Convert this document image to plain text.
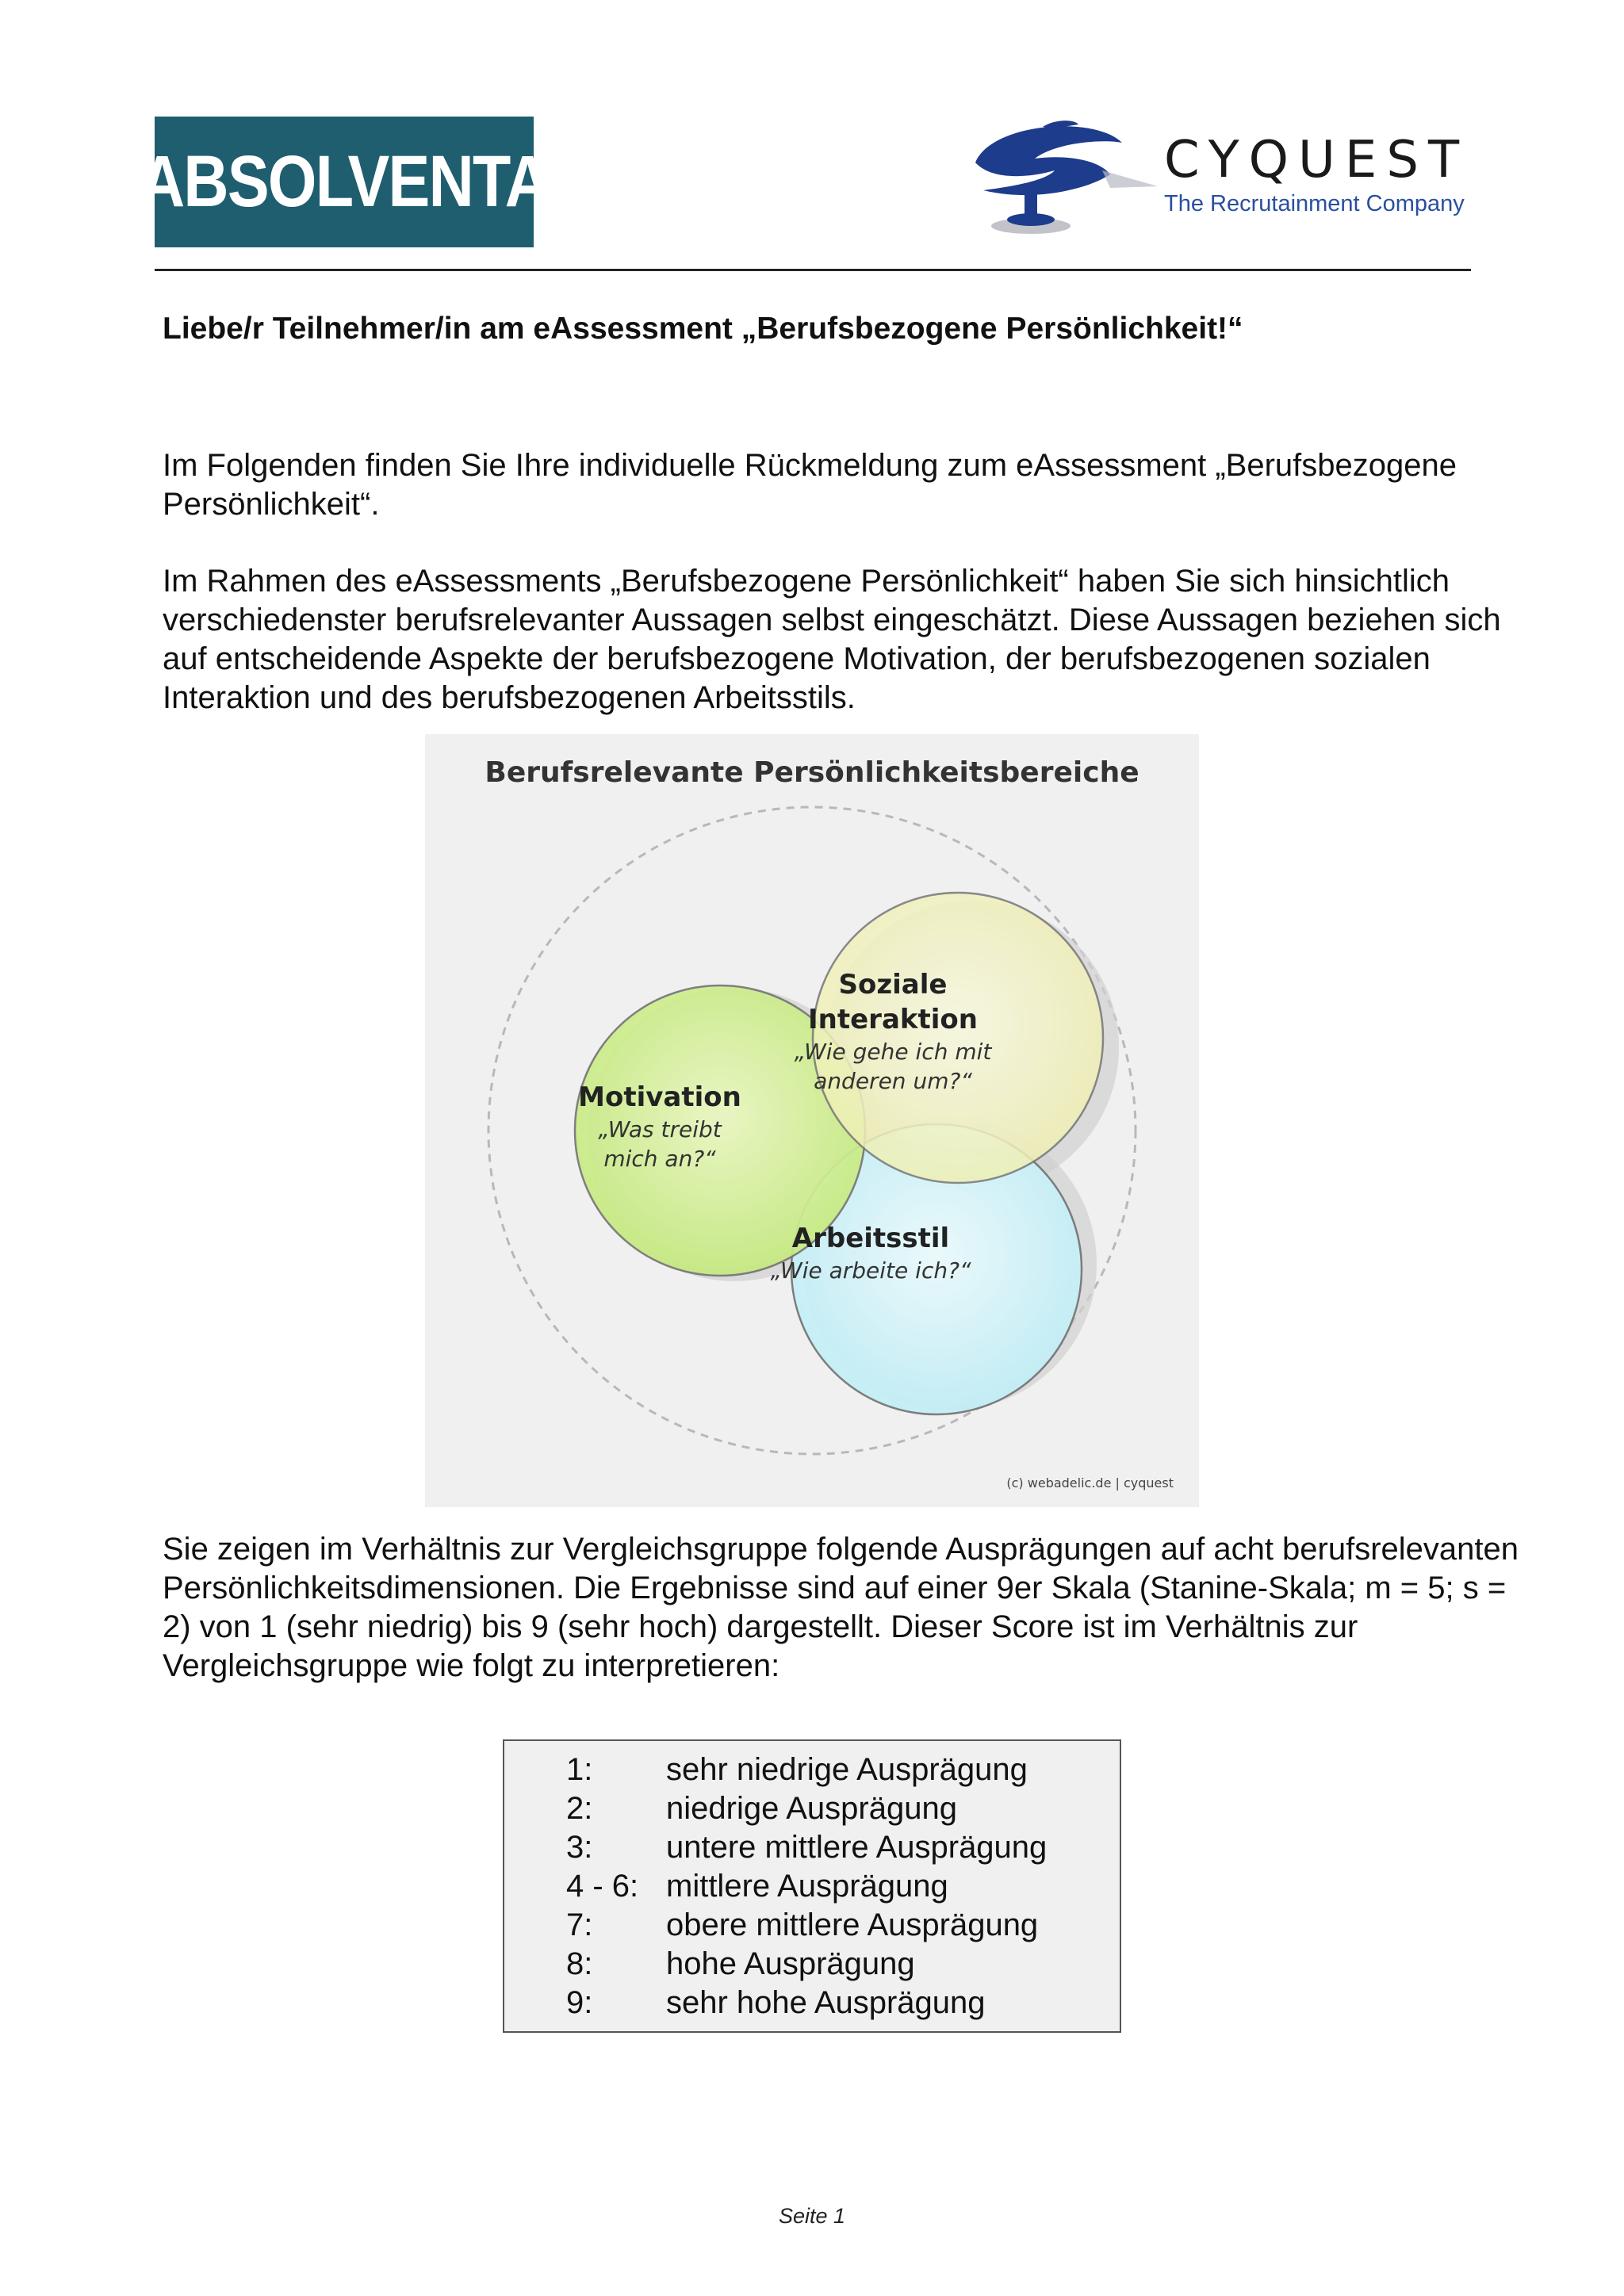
ABSOLVENTA	CYQUEST
The Recrutainment Company
Liebe/r Teilnehmer/in am eAssessment „Berufsbezogene Persönlichkeit!“
Im Folgenden finden Sie Ihre individuelle Rückmeldung zum eAssessment „Berufsbezogene Persönlichkeit“.
Im Rahmen des eAssessments „Berufsbezogene Persönlichkeit“ haben Sie sich hinsichtlich verschiedenster berufsrelevanter Aussagen selbst eingeschätzt. Diese Aussagen beziehen sich auf entscheidende Aspekte der berufsbezogene Motivation, der berufsbezogenen sozialen Interaktion und des berufsbezogenen Arbeitsstils.
Berufsrelevante Persönlichkeitsbereiche
Motivation
„Was treibt
mich an?“
Soziale
Interaktion
„Wie gehe ich mit
anderen um?“
Arbeitsstil
„Wie arbeite ich?“
(c) webadelic.de | cyquest
Sie zeigen im Verhältnis zur Vergleichsgruppe folgende Ausprägungen auf acht berufsrelevanten Persönlichkeitsdimensionen. Die Ergebnisse sind auf einer 9er Skala (Stanine-Skala; m = 5; s = 2) von 1 (sehr niedrig) bis 9 (sehr hoch) dargestellt. Dieser Score ist im Verhältnis zur Vergleichsgruppe wie folgt zu interpretieren:
1: sehr niedrige Ausprägung
2: niedrige Ausprägung
3: untere mittlere Ausprägung
4 - 6: mittlere Ausprägung
7: obere mittlere Ausprägung
8: hohe Ausprägung
9: sehr hohe Ausprägung
Seite 1
